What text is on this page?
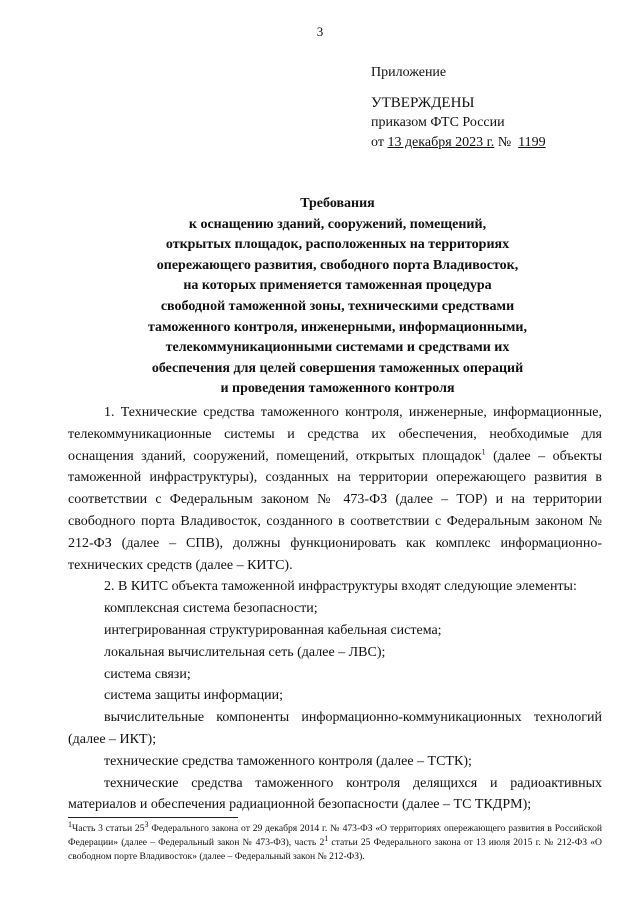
3
Приложение
УТВЕРЖДЕНЫ
приказом ФТС России
от 13 декабря 2023 г. № 1199
Требования
к оснащению зданий, сооружений, помещений,
открытых площадок, расположенных на территориях
опережающего развития, свободного порта Владивосток,
на которых применяется таможенная процедура
свободной таможенной зоны, техническими средствами
таможенного контроля, инженерными, информационными,
телекоммуникационными системами и средствами их
обеспечения для целей совершения таможенных операций
и проведения таможенного контроля

1. Технические средства таможенного контроля, инженерные, информационные, телекоммуникационные системы и средства их обеспечения, необходимые для оснащения зданий, сооружений, помещений, открытых площадок$^1$ (далее – объекты таможенной инфраструктуры), созданных на территории опережающего развития в соответствии с Федеральным законом № 473-ФЗ (далее – ТОР) и на территории свободного порта Владивосток, созданного в соответствии с Федеральным законом № 212-ФЗ (далее – СПВ), должны функционировать как комплекс информационно-технических средств (далее – КИТС).

2. В КИТС объекта таможенной инфраструктуры входят следующие элементы:

комплексная система безопасности;

интегрированная структурированная кабельная система;

локальная вычислительная сеть (далее – ЛВС);

система связи;

система защиты информации;

вычислительные компоненты информационно-коммуникационных технологий (далее – ИКТ);

технические средства таможенного контроля (далее – ТСТК);

технические средства таможенного контроля делящихся и радиоактивных материалов и обеспечения радиационной безопасности (далее – ТС ТКДРМ);

$^1$Часть 3 статьи $25^3$ Федерального закона от 29 декабря 2014 г. № 473-ФЗ «О территориях опережающего развития в Российской Федерации» (далее – Федеральный закон № 473-ФЗ), часть $2^1$ статьи 25 Федерального закона от 13 июля 2015 г. № 212-ФЗ «О свободном порте Владивосток» (далее – Федеральный закон № 212-ФЗ).
